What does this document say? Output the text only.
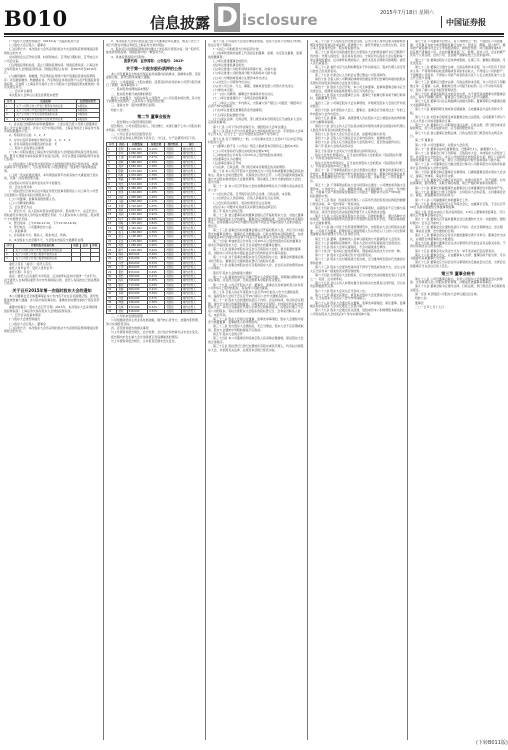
B010	信息披露 D isclosure	2015年7月18日 星期六
中国证券报

(一)股东大会类型和届次：2015年第一次临时股东大会

(二)股东大会召集人：董事会

(三)投票方式：本次股东大会所采用的表决方式是现场投票和网络投票相结合的方式

(四)现场会议召开的日期、时间和地点：召开的日期时间，召开地点为公司会议室。

(五)网络投票的系统、起止日期和投票时间。网络投票系统：上海证券交易所股东大会网络投票系统，网络投票起止时间：自2015年至2015年止。

(六)融资融券、转融通、约定购回业务账户和沪股通投资者的投票程序：涉及融资融券、转融通业务、约定购回业务相关账户以及沪股通投资者的投票，应按照《上海证券交易所上市公司股东大会网络投票实施细则》等有关规定执行。

二、会议审议事项

本次股东大会审议议案及投票股东类型

序号	议案名称	投票股东类型
1	关于公司符合非公开发行股票条件的议案	A股股东
2	关于公司非公开发行股票方案的议案	A股股东
3	关于公司非公开发行股票预案的议案	A股股东
4	关于本次募集资金使用可行性报告的议案	A股股东

1、各议案已披露的时间和披露媒体：上述议案已经公司第七届董事会第八次会议审议通过，详见公司于中国证券报、上海证券报及上海证券交易所网站披露的公告。

2、特别决议议案：1、2、3

3、对中小投资者单独计票的议案：1、2、3、4

4、涉及关联股东回避表决的议案：无

三、股东大会投票注意事项

(一)本公司股东通过上海证券交易所股东大会网络投票系统行使表决权的，既可以登陆交易系统投票平台进行投票，也可以登陆互联网投票平台进行投票。

(二)股东通过上海证券交易所股东大会网络投票系统行使表决权，如果其拥有多个股东账户，可以使用持有公司股票的任一股东账户参加网络投票。

(三)同一表决权通过现场、本所网络投票平台或其他方式重复进行表决的，以第一次投票结果为准。

(四)股东对所有议案均表决完毕才能提交。

四、会议出席对象

(一)股权登记日收市后在中国证券登记结算有限责任公司上海分公司登记在册的公司股东有权出席股东大会。

(二)公司董事、监事和高级管理人员。

(三)公司聘请的律师。

五、会议登记方法

1、登记方式：法人股东持营业执照复印件、股东账户卡、法定代表人授权委托书和出席人身份证办理登记手续；个人股东持本人身份证、股东账户卡办理登记手续。

2、登记时间：上午9:00-11:30，下午13:30-16:30。

3、登记地点：公司董事会办公室。

六、其他事项

1、会议联系方式：联系人，联系电话，传真。

2、本次股东大会会期半天，与会股东食宿及交通费用自理。

序号	非累积投票议案名称	同意	反对	弃权
1	关于公司符合非公开发行股票条件的议案			
2	关于公司非公开发行股票方案的议案			
3	关于公司非公开发行股票预案的议案			

委托人签名（盖章）：受托人签名：

委托人身份证号：受托人身份证号：

委托日期：年月日

备注：委托人应在委托书中同意、反对或弃权意向中选择一个并打勾，对于委托人在本授权委托书中未作具体指示的，受托人有权按自己的意愿进行表决。

关于召开2015年第一次临时股东大会的通知

本公司董事会及全体董事保证本公告内容不存在任何虚假记载、误导性陈述或者重大遗漏，并对其内容的真实性、准确性和完整性承担个别及连带责任。

重要内容提示：股东大会召开日期：2015年，本次股东大会采用的网络投票系统：上海证券交易所股东大会网络投票系统。

一、召开会议的基本情况

(一)股东大会类型和届次

(二)股东大会召集人：董事会

(三)投票方式：本次股东大会所采用的表决方式是现场投票和网络投票相结合的方式。

2、本次股东大会审议的议案已经公司董事会审议通过，相关公告已于同日刊登在中国证券报及上海证券交易所网站。

3、股东可以在网络投票时间内通过上述系统行使表决权。同一股份只能选择现场投票、网络投票中的一种表决方式。

4、具体投票流程详见附件。

股票代码：证券简称：公告编号：2015-
关于第一大股东股份质押的公告

本公司及董事会全体成员保证信息披露内容的真实、准确和完整，没有虚假记载、误导性陈述或重大遗漏。

近日，公司接到第一大股东通知，获悉其将所持有的本公司部分股份进行了质押，具体事项如下：

一、股东股份质押的基本情况

二、股东股份累计被质押的情况

截至公告披露日，该股东持有公司股份，占公司总股本的比例，其中处于质押状态的股份，占其所持公司股份的比例。

三、备查文件：股份质押登记证明。

特此公告。

第二节 董事会报告

一、报告期内公司经营情况回顾

报告期内，公司实现营业收入，同比增长；实现归属于上市公司股东的净利润，同比增长。

二、公司主营业务及其经营状况

公司主营业务收入情况如下表所示，分行业、分产品情况详见下表。

序号	姓名	持股数量	持股比例	股份性质	备注
1	张明	5,200,000	3.12%	无限售	境内自然人
2	李华	4,860,000	2.91%	无限售	境内自然人
3	王强	4,125,000	2.47%	无限售	境内自然人
4	赵敏	3,980,000	2.39%	无限售	境内自然人
5	刘洋	3,640,000	2.18%	无限售	境内自然人
6	陈静	3,215,000	1.93%	无限售	境内自然人
7	杨帆	2,970,000	1.78%	无限售	境内自然人
8	黄磊	2,745,000	1.65%	无限售	境内自然人
9	周杰	2,510,000	1.51%	无限售	境内自然人
10	吴琳	2,380,000	1.43%	无限售	境内自然人
11	徐涛	2,140,000	1.28%	无限售	境内自然人
12	孙莉	1,995,000	1.20%	无限售	境内自然人
13	马超	1,860,000	1.12%	无限售	境内自然人
14	朱婷	1,720,000	1.03%	无限售	境内自然人
15	胡斌	1,615,000	0.97%	无限售	境内自然人
16	郭颖	1,540,000	0.92%	无限售	境内自然人
17	何平	1,470,000	0.88%	无限售	境内自然人
18	林峰	1,395,000	0.84%	无限售	境内自然人
19	罗娜	1,320,000	0.79%	无限售	境内自然人
20	高飞	1,260,000	0.76%	无限售	境内自然人
21	梁宇	1,190,000	0.71%	无限售	境内自然人
22	宋佳	1,135,000	0.68%	无限售	境内自然人
23	郑凯	1,080,000	0.65%	无限售	境内自然人
24	谢芳	1,025,000	0.62%	无限售	境内自然人
25	韩冰	980,000	0.59%	无限售	境内自然人
26	唐杰	935,000	0.56%	无限售	境内自然人
27	冯雪	890,000	0.53%	无限售	境内自然人
28	于洋	850,000	0.51%	无限售	境内自然人
29	董浩	815,000	0.49%	无限售	境内自然人
30	萧然	780,000	0.47%	无限售	境内自然人
31	程亮	745,000	0.45%	无限售	境内自然人
32	曹阳	712,000	0.43%	无限售	境内自然人
33	袁静	680,000	0.41%	无限售	境内自然人
34	邓辉	650,000	0.39%	无限售	境内自然人
35	许诺	625,000	0.37%	无限售	境内自然人
36	傅强	598,000	0.36%	无限售	境内自然人
37	沈琪	572,000	0.34%	无限售	境内自然人
38	曾毅	548,000	0.33%	无限售	境内自然人

三、公司未来发展的展望

公司将继续坚持主营业务发展战略，提升核心竞争力，加强内部管理，努力实现经营目标。

四、涉及财务报告的相关事项

与上年度财务报告相比，会计政策、会计估计和核算方法未发生变化。

报告期内未发生重大会计差错更正需追溯重述的情况。

与上年度财务报告相比，合并报表范围未发生变化。

第十六条 公司股东大会由全体股东组成，股东大会是公司的权力机构，依法行使下列职权：

(一)决定公司的经营方针和投资计划；

(二)选举和更换非由职工代表担任的董事、监事，决定有关董事、监事的报酬事项；

(三)审议批准董事会的报告；

(四)审议批准监事会报告；

(五)审议批准公司的年度财务预算方案、决算方案；

(六)审议批准公司的利润分配方案和弥补亏损方案；

(七)对公司增加或者减少注册资本作出决议；

(八)对发行公司债券作出决议；

(九)对公司合并、分立、解散、清算或者变更公司形式作出决议；

(十)修改本章程；

(十一)对公司聘用、解聘会计师事务所作出决议；

(十二)审议批准第四十一条规定的担保事项；

(十三)审议公司在一年内购买、出售重大资产超过公司最近一期经审计总资产30%的事项；

(十四)审议批准变更募集资金用途事项；

(十五)审议股权激励计划；

(十六)审议法律、行政法规、部门规章或本章程规定应当由股东大会决定的其他事项。

第十七条 公司下列对外担保行为，须经股东大会审议通过。

第十八条 股东大会分为年度股东大会和临时股东大会。年度股东大会每年召开1次，应当于上一会计年度结束后的6个月内举行。

第十九条 有下列情形之一的，公司在事实发生之日起2个月以内召开临时股东大会：

(一)董事人数不足《公司法》规定人数或者本章程所定人数的2/3时；

(二)公司未弥补的亏损达实收股本总额1/3时；

(三)单独或者合计持有公司10%以上股份的股东请求时；

(四)董事会认为必要时；

(五)监事会提议召开时；

(六)法律、行政法规、部门规章或本章程规定的其他情形。

第二十条 本公司召开股东大会的地点为公司住所地或董事会确定的其他地点。股东大会将设置会场，以现场会议形式召开。公司还将提供网络或其他方式为股东参加股东大会提供便利。股东通过上述方式参加股东大会的，视为出席。

第二十一条 本公司召开股东大会时将聘请律师对以下问题出具法律意见并公告：

(一)会议的召集、召开程序是否符合法律、行政法规、本章程；

(二)出席会议人员的资格、召集人资格是否合法有效；

(三)会议的表决程序、表决结果是否合法有效；

(四)应本公司要求对其他有关问题出具的法律意见。

第三节 股东大会的召集

第二十二条 独立董事有权向董事会提议召开临时股东大会。对独立董事要求召开临时股东大会的提议，董事会应当根据法律、行政法规和本章程的规定，在收到提议后10日内提出同意或不同意召开临时股东大会的书面反馈意见。

第二十三条 监事会有权向董事会提议召开临时股东大会，并应当以书面形式向董事会提出。董事会应当根据法律、行政法规和本章程的规定，在收到提案后10日内提出同意或不同意召开临时股东大会的书面反馈意见。

第二十四条 单独或者合计持有公司10%以上股份的股东有权向董事会请求召开临时股东大会，并应当以书面形式向董事会提出。

第二十五条 监事会或股东决定自行召集股东大会的，须书面通知董事会，同时向公司所在地中国证监会派出机构和证券交易所备案。

第二十六条 对于监事会或股东自行召集的股东大会，董事会和董事会秘书将予配合。董事会应当提供股权登记日的股东名册。

第二十七条 监事会或股东自行召集的股东大会，会议所必需的费用由本公司承担。

第四节 股东大会的提案与通知

第二十八条 提案的内容应当属于股东大会职权范围，有明确议题和具体决议事项，并且符合法律、行政法规和本章程的有关规定。

第二十九条 公司召开股东大会，董事会、监事会以及单独或者合并持有公司3%以上股份的股东，有权向公司提出提案。

第三十条 召集人将在年度股东大会召开20日前以公告方式通知各股东，临时股东大会将于会议召开15日前以公告方式通知各股东。

第三十一条 股东大会的通知包括以下内容：会议的时间、地点和会议期限；提交会议审议的事项和提案；以明显的文字说明：全体股东均有权出席股东大会，并可以书面委托代理人出席会议和参加表决，该股东代理人不必是公司的股东；有权出席股东大会股东的股权登记日；会务常设联系人姓名，电话号码。

第三十二条 股东大会拟讨论董事、监事选举事项的，股东大会通知中将充分披露董事、监事候选人的详细资料。

第三十三条 发出股东大会通知后，无正当理由，股东大会不应延期或取消，股东大会通知中列明的提案不应取消。

第五节 股东大会的召开

第三十四条 本公司董事会和其他召集人将采取必要措施，保证股东大会的正常秩序。

第三十五条 股权登记日登记在册的所有股东或其代理人，均有权出席股东大会，并依照有关法律、法规及本章程行使表决权。

第三十六条 个人股东亲自出席会议的，应出示本人身份证或其他能够表明其身份的有效证件或证明、股票账户卡；委托代理他人出席会议的，应出示本人有效身份证件、股东授权委托书。

第三十七条 股东出具的委托他人出席股东大会的授权委托书应当载明下列内容：代理人的姓名；是否具有表决权；分别对列入股东大会议程的每一审议事项投赞成、反对或弃权票的指示；委托书签发日期和有效期限；委托人签名或盖章。

第三十八条 委托书应当注明如果股东不作具体指示，股东代理人是否可以按自己的意思表决。

第三十九条 出席会议人员的会议登记册由公司负责制作。

第四十条 召集人和公司聘请的律师将依据证券登记结算机构提供的股东名册共同对股东资格的合法性进行验证。

第四十一条 股东大会召开时，本公司全体董事、监事和董事会秘书应当出席会议，经理和其他高级管理人员应当列席会议。

第四十二条 股东大会由董事长主持。董事长不能履行职务或不履行职务时，由副董事长主持。

第四十三条 公司制定股东大会议事规则，详细规定股东大会的召开和表决程序。

第四十四条 在年度股东大会上，董事会、监事会应当就其过去一年的工作向股东大会作出报告。

第四十五条 董事、监事、高级管理人员在股东大会上就股东的质询和建议作出解释和说明。

第四十六条 会议主持人应当在表决前宣布现场出席会议的股东和代理人人数及所持有表决权的股份总数。

第四十七条 股东大会应有会议记录，由董事会秘书负责。

第四十八条 召集人应当保证会议记录内容真实、准确和完整。

第四十九条 召集人应当保证股东大会连续举行，直至形成最终决议。

第六节 股东大会的表决和决议

第五十条 股东大会决议分为普通决议和特别决议。

股东大会作出普通决议，应当由出席股东大会的股东（包括股东代理人）所持表决权的1/2以上通过。

股东大会作出特别决议，应当由出席股东大会的股东（包括股东代理人）所持表决权的2/3以上通过。

第五十一条 下列事项由股东大会以普通决议通过：董事会和监事会的工作报告；董事会拟定的利润分配方案和弥补亏损方案；董事会和监事会成员的任免及其报酬和支付方法；公司年度预算方案、决算方案；公司年度报告。

第五十二条 下列事项由股东大会以特别决议通过：公司增加或者减少注册资本；公司的分立、合并、解散和清算；本章程的修改；公司在一年内购买、出售重大资产或者担保金额超过公司最近一期经审计总资产30%的；股权激励计划。

第五十三条 股东（包括股东代理人）以其所代表的有表决权的股份数额行使表决权，每一股份享有一票表决权。

第五十四条 股东大会审议有关关联交易事项时，关联股东不应当参与投票表决，其所代表的有表决权的股份数不计入有效表决总数。

第五十五条 公司应在保证股东大会合法、有效的前提下，通过各种方式和途径，包括提供网络形式的投票平台等现代信息技术手段，为股东参加股东大会提供便利。

第五十六条 除公司处于危机等特殊情况外，非经股东大会以特别决议批准，公司将不与董事、经理和其它高级管理人员以外的人订立将公司全部或者重要业务的管理交予该人负责的合同。

第五十七条 董事、监事候选人名单以提案的方式提请股东大会表决。

第五十八条 除累积投票制外，股东大会将对所有提案进行逐项表决。

第五十九条 股东大会审议提案时，不会对提案进行修改。

第六十条 同一表决权只能选择现场、网络或其他表决方式中的一种。

第六十一条 股东大会采取记名方式投票表决。

第六十二条 股东大会对提案进行表决前，应当推举两名股东代表参加计票和监票。

第六十三条 股东大会现场结束时间不得早于网络或其他方式，会议主持人应当宣布每一提案的表决情况和结果。

第六十四条 出席股东大会的股东，应当对提交表决的提案发表以下意见之一：同意、反对或弃权。

第六十五条 会议主持人如果对提交表决的决议结果有任何怀疑，可以对所投票数组织点票。

第六十六条 股东大会决议应当及时公告。

第六十七条 提案未获通过，或者本次股东大会变更前次股东大会决议的，应当在股东大会决议公告中作特别提示。

第六十八条 股东大会通过有关董事、监事选举提案的，新任董事、监事就任时间在股东大会决议通过之日起计算。

第六十九条 股东大会通过有关派现、送股或资本公积转增股本提案的，公司将在股东大会结束后2个月内实施具体方案。

第七十条 公司董事为自然人，有下列情形之一的，不能担任公司的董事：无民事行为能力或者限制民事行为能力；因贪污、贿赂、侵占财产、挪用财产或者破坏社会主义市场经济秩序，被判处刑罚，执行期满未逾5年；担任破产清算的公司、企业的董事或者厂长、经理，对该公司、企业的破产负有个人责任的，自该公司、企业破产清算完结之日起未逾3年。

第七十一条 董事由股东大会选举或更换，任期三年。董事任期届满，可连选连任。

第七十二条 董事应当遵守法律、行政法规和本章程，对公司负有下列忠实义务：不得利用职权收受贿赂或者其他非法收入，不得侵占公司的财产；不得挪用公司资金；不得将公司资产或者资金以其个人名义或者其他个人名义开立账户存储。

第七十三条 董事应当遵守法律、行政法规和本章程，对公司负有下列勤勉义务：应谨慎、认真、勤勉地行使公司赋予的权利；应公平对待所有股东；及时了解公司业务经营管理状况。

第七十四条 董事连续两次未能亲自出席，也不委托其他董事出席董事会会议，视为不能履行职责，董事会应当建议股东大会予以撤换。

第七十五条 董事可以在任期届满以前提出辞职。董事辞职应向董事会提交书面辞职报告。

第七十六条 董事辞职生效或者任期届满，应向董事会办妥所有移交手续。

第七十七条 未经本章程规定或者董事会的合法授权，任何董事不得以个人名义代表公司或者董事会行事。

第七十八条 董事执行公司职务时违反法律、行政法规、部门规章或本章程的规定，给公司造成损失的，应当承担赔偿责任。

第七十九条 独立董事应按照法律、行政法规及部门规章的有关规定执行。

第二节 董事会

第八十条 公司设董事会，对股东大会负责。

第八十一条 董事会由9名董事组成，设董事长1人，副董事长1人。

第八十二条 董事会行使下列职权：召集股东大会，并向股东大会报告工作；执行股东大会的决议；决定公司的经营计划和投资方案；制订公司的年度财务预算方案、决算方案；制订公司的利润分配方案和弥补亏损方案。

第八十三条 公司董事会应当就注册会计师对公司财务报告出具的非标准审计意见向股东大会作出说明。

第八十四条 董事会制定董事会议事规则，以确保董事会落实股东大会决议，提高工作效率，保证科学决策。

第八十五条 董事会应当确定对外投资、收购出售资产、资产抵押、对外担保事项、委托理财、关联交易的权限，建立严格的审查和决策程序。

第八十六条 董事长和副董事长由董事会以全体董事的过半数选举产生。

第八十七条 董事长行使下列职权：主持股东大会和召集、主持董事会会议；督促、检查董事会决议的执行。

第八十八条 公司副董事长协助董事长工作。

第八十九条 董事会每年至少召开两次会议，由董事长召集，于会议召开10日以前书面通知全体董事和监事。

第九十条 代表1/10以上表决权的股东、1/3以上董事或者监事会，可以提议召开董事会临时会议。

第九十一条 董事会召开临时董事会会议的通知方式为：书面通知；通知时限为：会议召开前5日。

第九十二条 董事会会议通知包括以下内容：会议日期和地点；会议期限；事由及议题；发出通知的日期。

第九十三条 董事会会议应有过半数的董事出席方可举行。董事会作出决议，必须经全体董事的过半数通过。

第九十四条 董事与董事会会议决议事项所涉及的企业有关联关系的，不得对该项决议行使表决权。

第九十五条 董事会决议表决方式为：举手表决或记名投票表决。

第九十六条 董事会会议，应由董事本人出席；董事因故不能出席，可以书面委托其他董事代为出席。

第九十七条 董事会应当对会议所议事项的决定做成会议记录，出席会议的董事应当在会议记录上签名。

第三节 董事会秘书

第九十八条 公司设董事会秘书，负责公司股东大会和董事会会议的筹备、文件保管以及公司股东资料管理，办理信息披露事务等事宜。

第九十九条 董事会秘书应遵守法律、行政法规、部门规章及本章程的有关规定。

第一百条 本章程经公司股东大会审议通过后生效。

特此公告。

董事会

二〇一五年七月十七日

(下转B011版)
